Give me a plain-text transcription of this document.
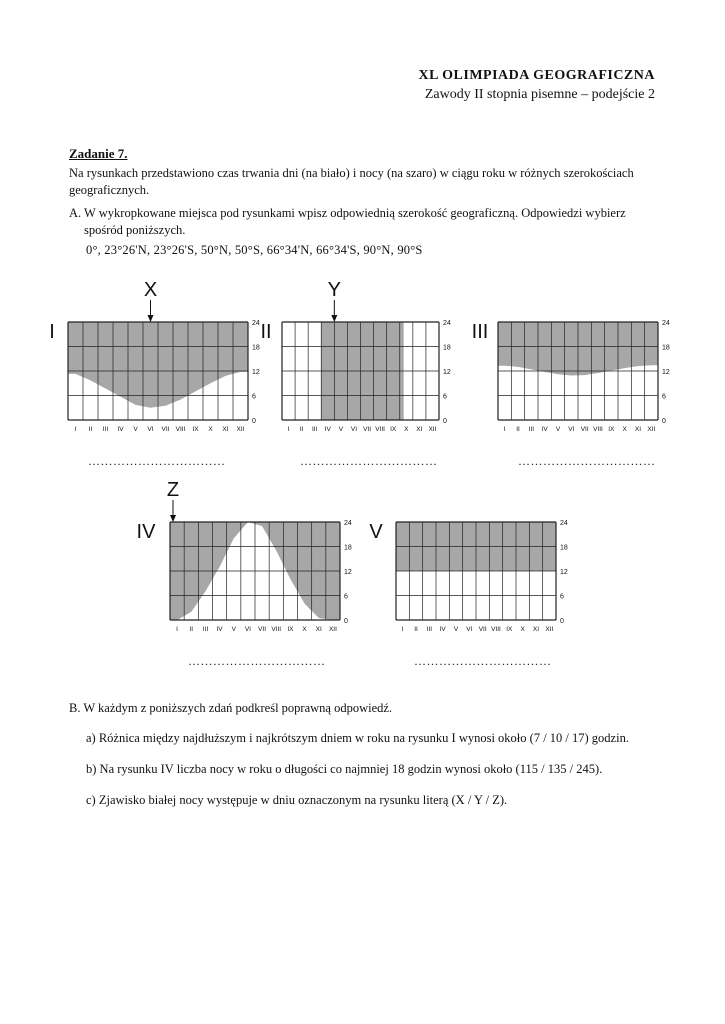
XL OLIMPIADA GEOGRAFICZNA
Zawody II stopnia pisemne – podejście 2
Zadanie 7.
Na rysunkach przedstawiono czas trwania dni (na biało) i nocy (na szaro) w ciągu roku w różnych szerokościach geograficznych.
A. W wykropkowane miejsca pod rysunkami wpisz odpowiednią szerokość geograficzną. Odpowiedzi wybierz
spośród poniższych.
0°, 23°26'N, 23°26'S, 50°N, 50°S, 66°34'N, 66°34'S, 90°N, 90°S
24
18
12
6
0
I II III IV V VI VII VIII IX X XI XII
I
X
24
18
12
6
0
I II III IV V VI VII VIII IX X XI XII
II
Y
24
18
12
6
0
I II III IV V VI VII VIII IX X XI XII
III
24
18
12
6
0
I II III IV V VI VII VIII IX X XI XII
IV
Z
24
18
12
6
0
I II III IV V VI VII VIII IX X XI XII
V
……………………………	……………………………	……………………………
……………………………	……………………………
B. W każdym z poniższych zdań podkreśl poprawną odpowiedź.
a) Różnica między najdłuższym i najkrótszym dniem w roku na rysunku I wynosi około (7 / 10 / 17) godzin.
b) Na rysunku IV liczba nocy w roku o długości co najmniej 18 godzin wynosi około (115 / 135 / 245).
c) Zjawisko białej nocy występuje w dniu oznaczonym na rysunku literą (X / Y / Z).
